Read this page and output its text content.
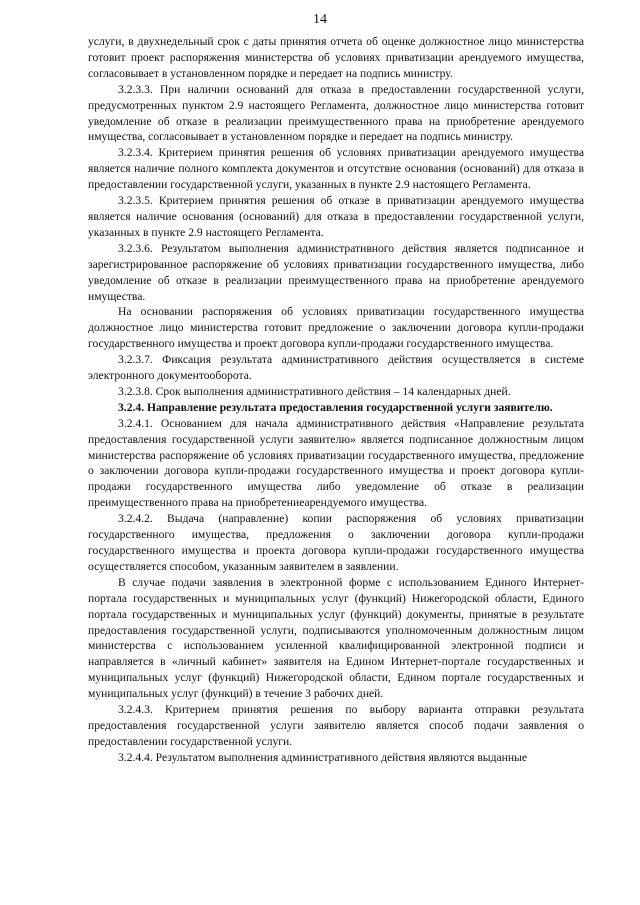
14

услуги, в двухнедельный срок с даты принятия отчета об оценке должностное лицо министерства готовит проект распоряжения министерства об условиях приватизации арендуемого имущества, согласовывает в установленном порядке и передает на подпись министру.

3.2.3.3. При наличии оснований для отказа в предоставлении государственной услуги, предусмотренных пунктом 2.9 настоящего Регламента, должностное лицо министерства готовит уведомление об отказе в реализации преимущественного права на приобретение арендуемого имущества, согласовывает в установленном порядке и передает на подпись министру.

3.2.3.4. Критерием принятия решения об условиях приватизации арендуемого имущества является наличие полного комплекта документов и отсутствие основания (оснований) для отказа в предоставлении государственной услуги, указанных в пункте 2.9 настоящего Регламента.

3.2.3.5. Критерием принятия решения об отказе в приватизации арендуемого имущества является наличие основания (оснований) для отказа в предоставлении государственной услуги, указанных в пункте 2.9 настоящего Регламента.

3.2.3.6. Результатом выполнения административного действия является подписанное и зарегистрированное распоряжение об условиях приватизации государственного имущества, либо уведомление об отказе в реализации преимущественного права на приобретение арендуемого имущества.

На основании распоряжения об условиях приватизации государственного имущества должностное лицо министерства готовит предложение о заключении договора купли-продажи государственного имущества и проект договора купли-продажи государственного имущества.

3.2.3.7. Фиксация результата административного действия осуществляется в системе электронного документооборота.

3.2.3.8. Срок выполнения административного действия – 14 календарных дней.

3.2.4. Направление результата предоставления государственной услуги заявителю.

3.2.4.1. Основанием для начала административного действия «Направление результата предоставления государственной услуги заявителю» является подписанное должностным лицом министерства распоряжение об условиях приватизации государственного имущества, предложение о заключении договора купли-продажи государственного имущества и проект договора купли-продажи государственного имущества либо уведомление об отказе в реализации преимущественного права на приобретениеарендуемого имущества.

3.2.4.2. Выдача (направление) копии распоряжения об условиях приватизации государственного имущества, предложения о заключении договора купли-продажи государственного имущества и проекта договора купли-продажи государственного имущества осуществляется способом, указанным заявителем в заявлении.

В случае подачи заявления в электронной форме с использованием Единого Интернет-портала государственных и муниципальных услуг (функций) Нижегородской области, Единого портала государственных и муниципальных услуг (функций) документы, принятые в результате предоставления государственной услуги, подписываются уполномоченным должностным лицом министерства с использованием усиленной квалифицированной электронной подписи и направляется в «личный кабинет» заявителя на Едином Интернет-портале государственных и муниципальных услуг (функций) Нижегородской области, Едином портале государственных и муниципальных услуг (функций) в течение 3 рабочих дней.

3.2.4.3. Критерием принятия решения по выбору варианта отправки результата предоставления государственной услуги заявителю является способ подачи заявления о предоставлении государственной услуги.

3.2.4.4. Результатом выполнения административного действия являются выданные
